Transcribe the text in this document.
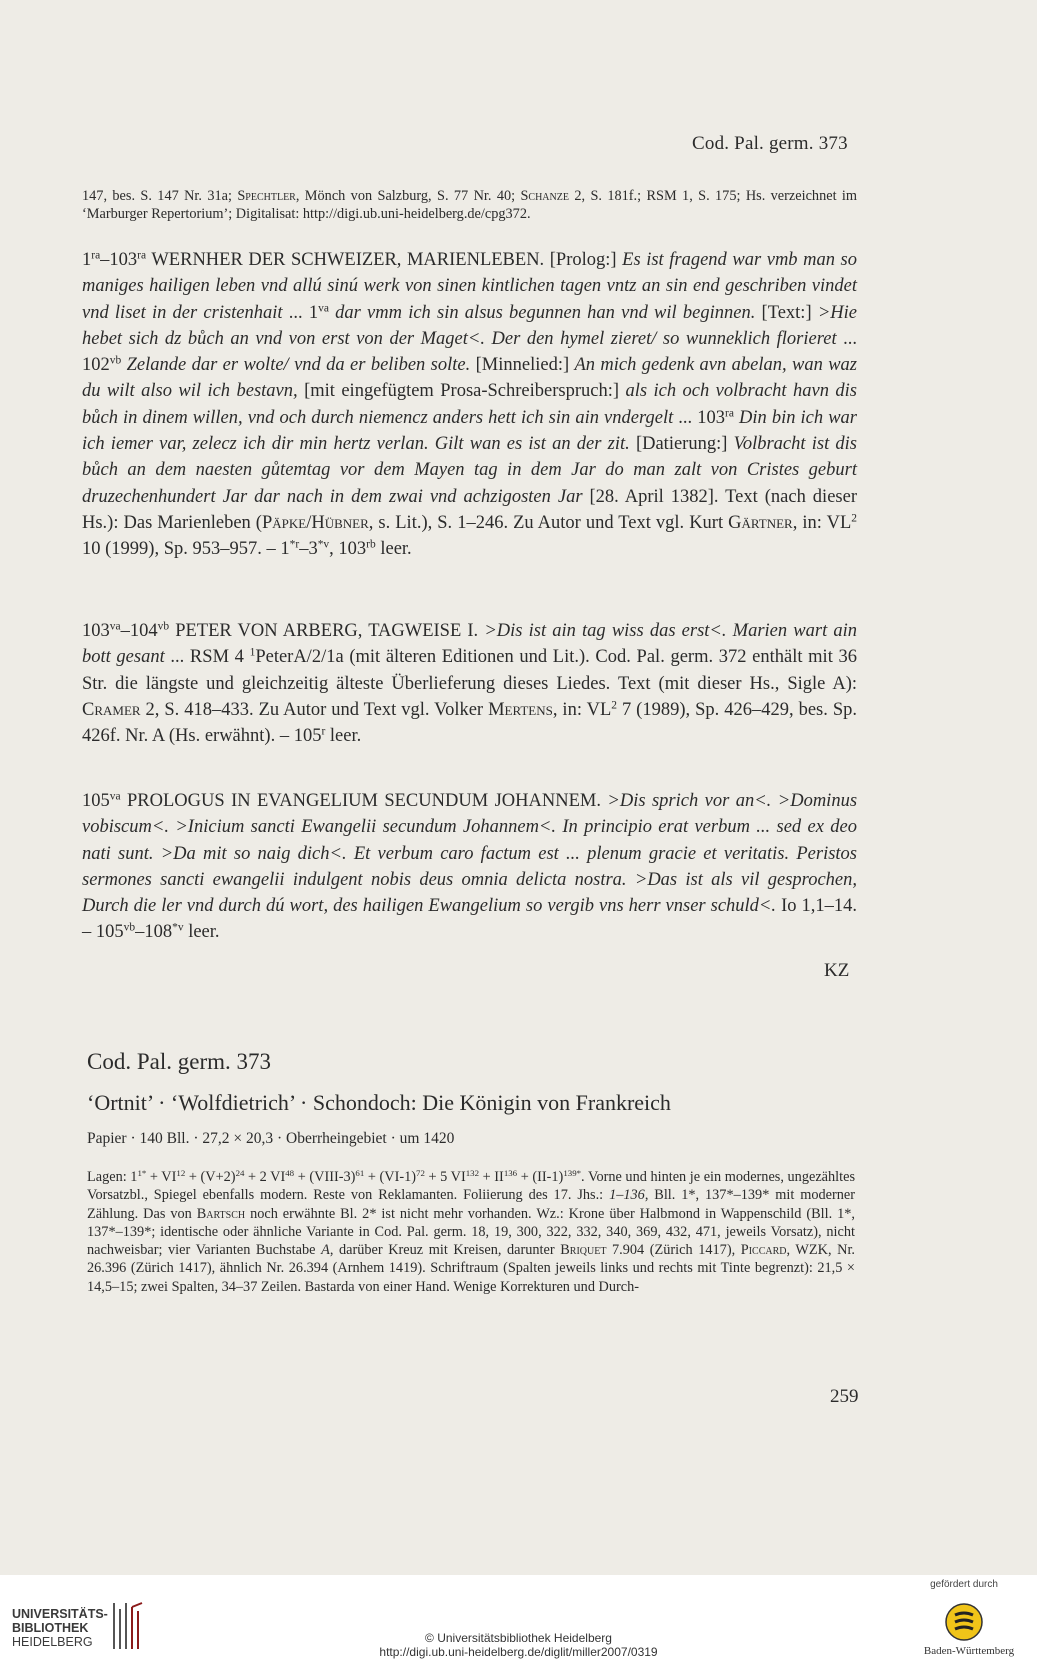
Cod. Pal. germ. 373
147, bes. S. 147 Nr. 31a; Spechtler, Mönch von Salzburg, S. 77 Nr. 40; Schanze 2, S. 181f.; RSM 1, S. 175; Hs. verzeichnet im ‘Marburger Repertorium’; Digitalisat: http://digi.ub.uni-heidelberg.de/cpg372.
$1^{ra}-103^{ra}$ WERNHER DER SCHWEIZER, MARIENLEBEN. [Prolog:] Es ist fragend war vmb man so maniges hailigen leben vnd allú sinú werk von sinen kintlichen tagen vntz an sin end geschriben vindet vnd liset in der cristenhait ... $1^{va}$ dar vmm ich sin alsus begunnen han vnd wil beginnen. [Text:] >Hie hebet sich dz bůch an vnd von erst von der Maget<. Der den hymel zieret/ so wunneklich florieret ... $102^{vb}$ Zelande dar er wolte/ vnd da er beliben solte. [Minnelied:] An mich gedenk avn abelan, wan waz du wilt also wil ich bestavn, [mit eingefügtem Prosa-Schreiberspruch:] als ich och volbracht havn dis bůch in dinem willen, vnd och durch niemencz anders hett ich sin ain vndergelt ... $103^{ra}$ Din bin ich war ich iemer var, zelecz ich dir min hertz verlan. Gilt wan es ist an der zit. [Datierung:] Volbracht ist dis bůch an dem naesten gůtemtag vor dem Mayen tag in dem Jar do man zalt von Cristes geburt druzechenhundert Jar dar nach in dem zwai vnd achzigosten Jar [28. April 1382]. Text (nach dieser Hs.): Das Marienleben (Päpke/Hübner, s. Lit.), S. 1–246. Zu Autor und Text vgl. Kurt Gärtner, in: $VL^2$ 10 (1999), Sp. 953–957. – 1$^{*r}$–3$^{*v}$, $103^{rb}$ leer.
$103^{va}-104^{vb}$ PETER VON ARBERG, TAGWEISE I. >Dis ist ain tag wiss das erst<. Marien wart ain bott gesant ... RSM 4 $^1$PeterA/2/1a (mit älteren Editionen und Lit.). Cod. Pal. germ. 372 enthält mit 36 Str. die längste und gleichzeitig älteste Überlieferung dieses Liedes. Text (mit dieser Hs., Sigle A): Cramer 2, S. 418–433. Zu Autor und Text vgl. Volker Mertens, in: $VL^2$ 7 (1989), Sp. 426–429, bes. Sp. 426f. Nr. A (Hs. erwähnt). – 105$^r$ leer.
$105^{va}$ PROLOGUS IN EVANGELIUM SECUNDUM JOHANNEM. >Dis sprich vor an<. >Dominus vobiscum<. >Inicium sancti Ewangelii secundum Johannem<. In principio erat verbum ... sed ex deo nati sunt. >Da mit so naig dich<. Et verbum caro factum est ... plenum gracie et veritatis. Peristos sermones sancti ewangelii indulgent nobis deus omnia delicta nostra. >Das ist als vil gesprochen, Durch die ler vnd durch dú wort, des hailigen Ewangelium so vergib vns herr vnser schuld<. Io 1,1–14. – $105^{vb}-108^{*v}$ leer.
KZ
Cod. Pal. germ. 373
‘Ortnit’ · ‘Wolfdietrich’ · Schondoch: Die Königin von Frankreich
Papier · 140 Bll. · 27,2 × 20,3 · Oberrheingebiet · um 1420
Lagen: $1^{1*} + VI^{12} + (V+2)^{24} + 2$ $VI^{48}$ + (VIII-3)$^{61}$ + $(VI-1)^{72} + 5$ $VI^{132} + II^{136} + (II-1)^{139*}$. Vorne und hinten je ein modernes, ungezähltes Vorsatzbl., Spiegel ebenfalls modern. Reste von Reklamanten. Foliierung des 17. Jhs.: 1–136, Bll. 1*, 137*–139* mit moderner Zählung. Das von Bartsch noch erwähnte Bl. 2* ist nicht mehr vorhanden. Wz.: Krone über Halbmond in Wappenschild (Bll. 1*, 137*–139*; identische oder ähnliche Variante in Cod. Pal. germ. 18, 19, 300, 322, 332, 340, 369, 432, 471, jeweils Vorsatz), nicht nachweisbar; vier Varianten Buchstabe A, darüber Kreuz mit Kreisen, darunter Briquet 7.904 (Zürich 1417), Piccard, WZK, Nr. 26.396 (Zürich 1417), ähnlich Nr. 26.394 (Arnhem 1419). Schriftraum (Spalten jeweils links und rechts mit Tinte begrenzt): 21,5 × 14,5–15; zwei Spalten, 34–37 Zeilen. Bastarda von einer Hand. Wenige Korrekturen und Durch-
259
UNIVERSITÄTS-
BIBLIOTHEK
HEIDELBERG	© Universitätsbibliothek Heidelberg
http://digi.ub.uni-heidelberg.de/diglit/miller2007/0319
gefördert durch
Baden-Württemberg
